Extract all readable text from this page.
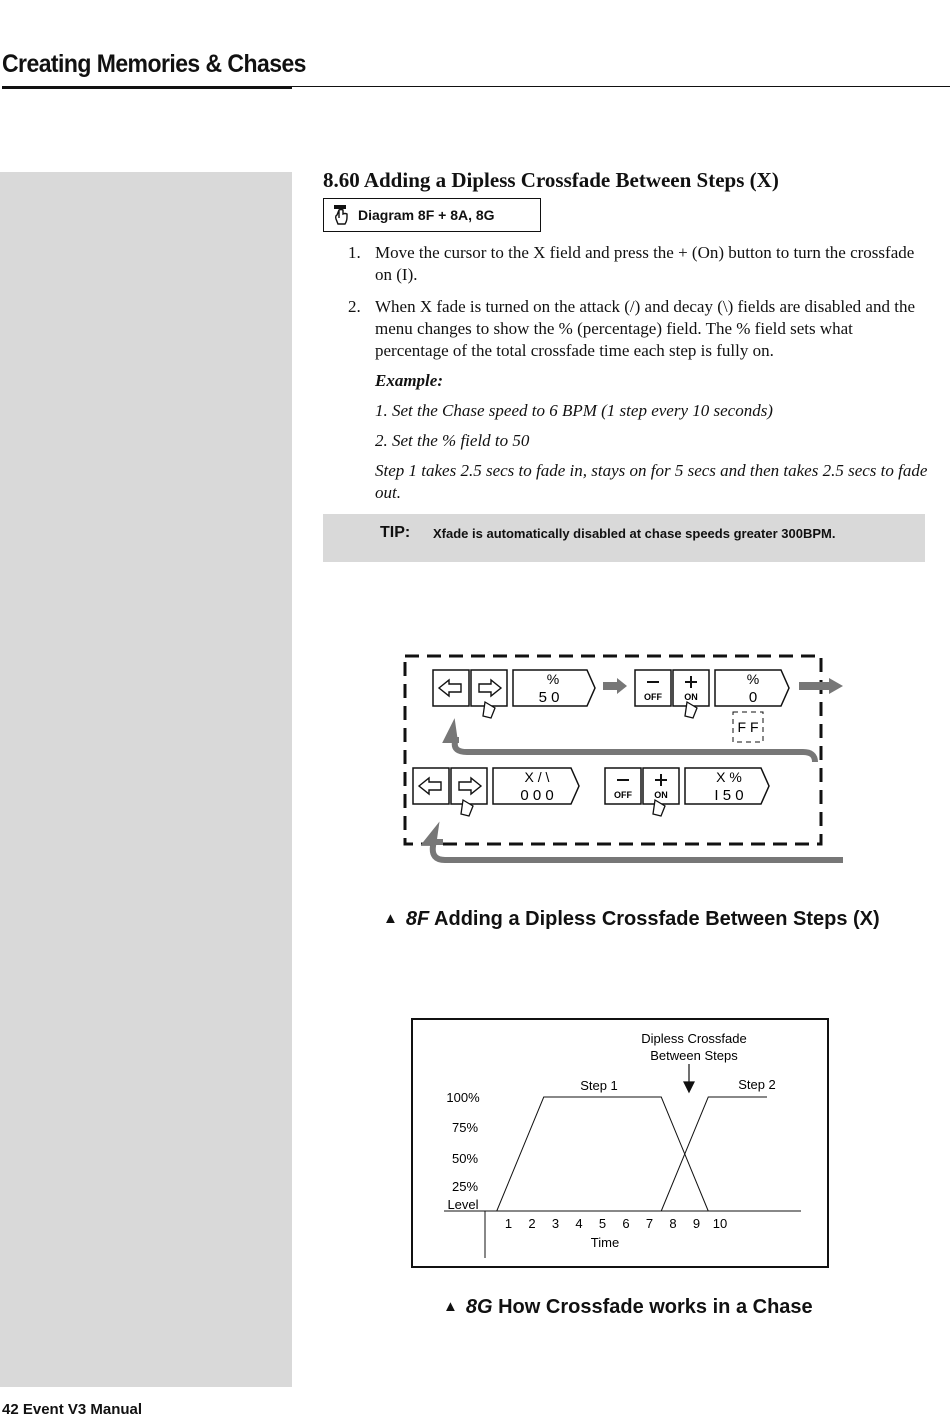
Creating Memories & Chases
8.60 Adding a Dipless Crossfade Between Steps (X)
Diagram 8F + 8A, 8G
1. Move the cursor to the X field and press the + (On) button to turn the crossfade on (I).
2. When X fade is turned on the attack (/) and decay (\) fields are disabled and the menu changes to show the % (percentage) field. The % field sets what percentage of the total crossfade time each step is fully on.
Example:
1. Set the Chase speed to 6 BPM (1 step every 10 seconds)
2. Set the % field to 50
Step 1 takes 2.5 secs to fade in, stays on for 5 secs and then takes 2.5 secs to fade out.
TIP: Xfade is automatically disabled at chase speeds greater 300BPM.
%
5 0	OFF ON
%
0
F F
X / \
0 0 0	OFF ON
X %
I 5 0
▲ 8F Adding a Dipless Crossfade Between Steps (X)
Dipless Crossfade
Between Steps
100%
75%
50%
25%
Level
1 2 3 4 5 6 7 8 9 10
Time
Step 1	Step 2
▲ 8G How Crossfade works in a Chase
42 Event V3 Manual
